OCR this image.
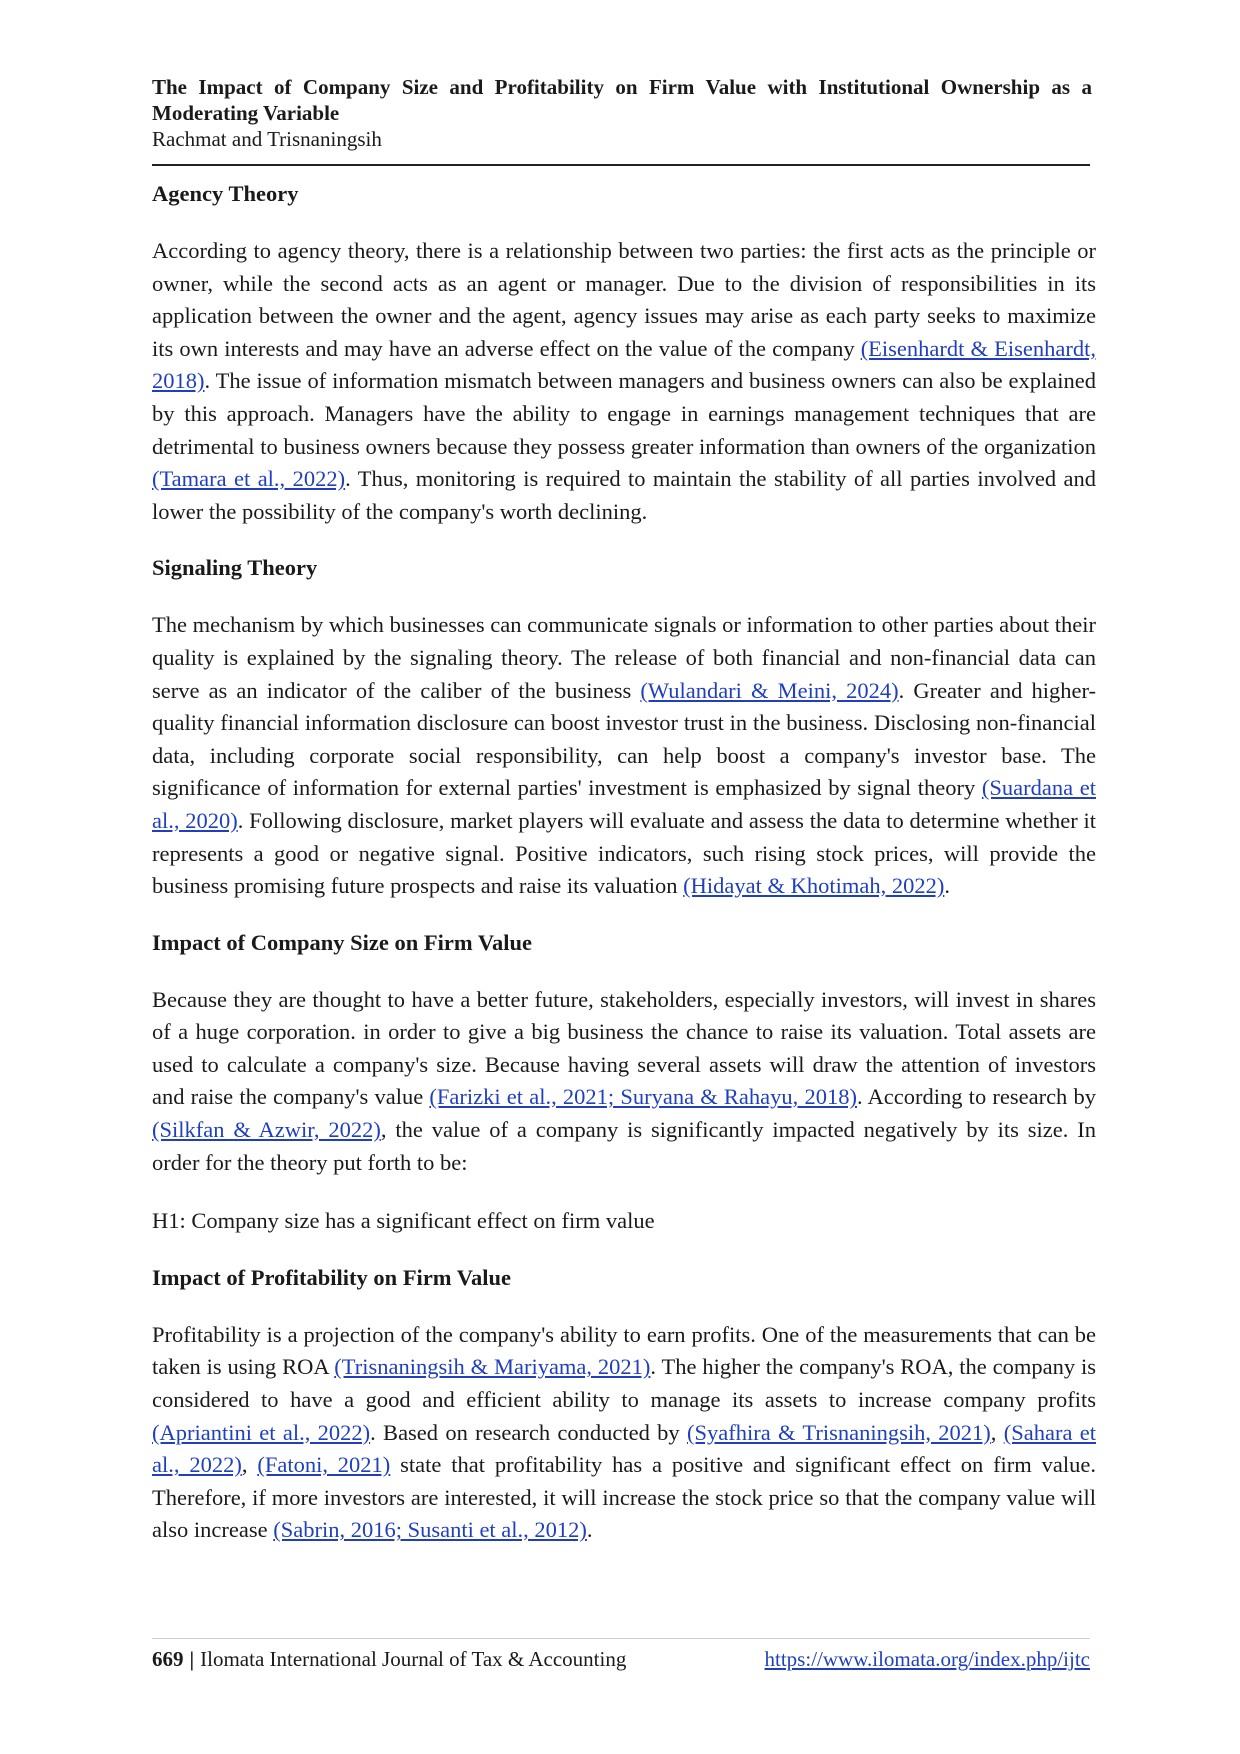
The Impact of Company Size and Profitability on Firm Value with Institutional Ownership as a Moderating Variable

Rachmat and Trisnaningsih

Agency Theory

According to agency theory, there is a relationship between two parties: the first acts as the principle or owner, while the second acts as an agent or manager. Due to the division of responsibilities in its application between the owner and the agent, agency issues may arise as each party seeks to maximize its own interests and may have an adverse effect on the value of the company (Eisenhardt & Eisenhardt, 2018). The issue of information mismatch between managers and business owners can also be explained by this approach. Managers have the ability to engage in earnings management techniques that are detrimental to business owners because they possess greater information than owners of the organization (Tamara et al., 2022). Thus, monitoring is required to maintain the stability of all parties involved and lower the possibility of the company's worth declining.

Signaling Theory

The mechanism by which businesses can communicate signals or information to other parties about their quality is explained by the signaling theory. The release of both financial and non-financial data can serve as an indicator of the caliber of the business (Wulandari & Meini, 2024). Greater and higher-quality financial information disclosure can boost investor trust in the business. Disclosing non-financial data, including corporate social responsibility, can help boost a company's investor base. The significance of information for external parties' investment is emphasized by signal theory (Suardana et al., 2020). Following disclosure, market players will evaluate and assess the data to determine whether it represents a good or negative signal. Positive indicators, such rising stock prices, will provide the business promising future prospects and raise its valuation (Hidayat & Khotimah, 2022).

Impact of Company Size on Firm Value

Because they are thought to have a better future, stakeholders, especially investors, will invest in shares of a huge corporation. in order to give a big business the chance to raise its valuation. Total assets are used to calculate a company's size. Because having several assets will draw the attention of investors and raise the company's value (Farizki et al., 2021; Suryana & Rahayu, 2018). According to research by (Silkfan & Azwir, 2022), the value of a company is significantly impacted negatively by its size. In order for the theory put forth to be:

H1: Company size has a significant effect on firm value

Impact of Profitability on Firm Value

Profitability is a projection of the company's ability to earn profits. One of the measurements that can be taken is using ROA (Trisnaningsih & Mariyama, 2021). The higher the company's ROA, the company is considered to have a good and efficient ability to manage its assets to increase company profits (Apriantini et al., 2022). Based on research conducted by (Syafhira & Trisnaningsih, 2021), (Sahara et al., 2022), (Fatoni, 2021) state that profitability has a positive and significant effect on firm value. Therefore, if more investors are interested, it will increase the stock price so that the company value will also increase (Sabrin, 2016; Susanti et al., 2012).

669 | Ilomata International Journal of Tax & Accounting	https://www.ilomata.org/index.php/ijtc
